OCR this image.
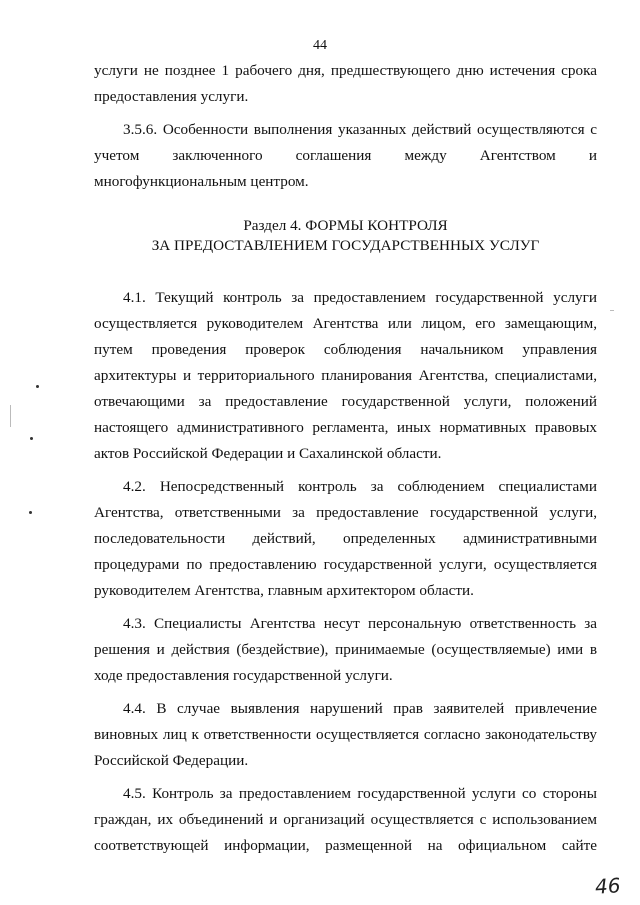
44

услуги не позднее 1 рабочего дня, предшествующего дню истечения срока предоставления услуги.

3.5.6. Особенности выполнения указанных действий осуществляются с учетом заключенного соглашения между Агентством и многофункциональным центром.

Раздел 4. ФОРМЫ КОНТРОЛЯ
ЗА ПРЕДОСТАВЛЕНИЕМ ГОСУДАРСТВЕННЫХ УСЛУГ

4.1. Текущий контроль за предоставлением государственной услуги осуществляется руководителем Агентства или лицом, его замещающим, путем проведения проверок соблюдения начальником управления архитектуры и территориального планирования Агентства, специалистами, отвечающими за предоставление государственной услуги, положений настоящего административного регламента, иных нормативных правовых актов Российской Федерации и Сахалинской области.

4.2. Непосредственный контроль за соблюдением специалистами Агентства, ответственными за предоставление государственной услуги, последовательности действий, определенных административными процедурами по предоставлению государственной услуги, осуществляется руководителем Агентства, главным архитектором области.

4.3. Специалисты Агентства несут персональную ответственность за решения и действия (бездействие), принимаемые (осуществляемые) ими в ходе предоставления государственной услуги.

4.4. В случае выявления нарушений прав заявителей привлечение виновных лиц к ответственности осуществляется согласно законодательству Российской Федерации.

4.5. Контроль за предоставлением государственной услуги со стороны граждан, их объединений и организаций осуществляется с использованием соответствующей информации, размещенной на официальном сайте

46
